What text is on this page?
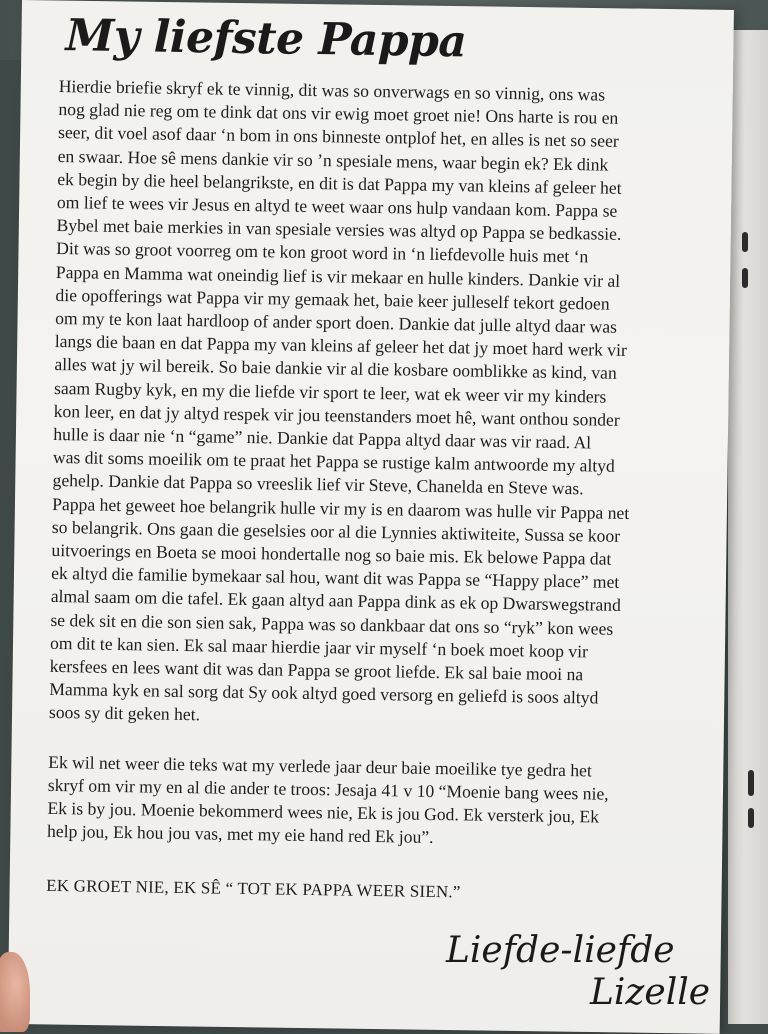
My liefste Pappa
Hierdie briefie skryf ek te vinnig, dit was so onverwags en so vinnig, ons was
nog glad nie reg om te dink dat ons vir ewig moet groet nie! Ons harte is rou en
seer, dit voel asof daar ‘n bom in ons binneste ontplof het, en alles is net so seer
en swaar. Hoe sê mens dankie vir so ’n spesiale mens, waar begin ek? Ek dink
ek begin by die heel belangrikste, en dit is dat Pappa my van kleins af geleer het
om lief te wees vir Jesus en altyd te weet waar ons hulp vandaan kom. Pappa se
Bybel met baie merkies in van spesiale versies was altyd op Pappa se bedkassie.
Dit was so groot voorreg om te kon groot word in ‘n liefdevolle huis met ‘n
Pappa en Mamma wat oneindig lief is vir mekaar en hulle kinders. Dankie vir al
die opofferings wat Pappa vir my gemaak het, baie keer julleself tekort gedoen
om my te kon laat hardloop of ander sport doen. Dankie dat julle altyd daar was
langs die baan en dat Pappa my van kleins af geleer het dat jy moet hard werk vir
alles wat jy wil bereik. So baie dankie vir al die kosbare oomblikke as kind, van
saam Rugby kyk, en my die liefde vir sport te leer, wat ek weer vir my kinders
kon leer, en dat jy altyd respek vir jou teenstanders moet hê, want onthou sonder
hulle is daar nie ‘n “game” nie. Dankie dat Pappa altyd daar was vir raad. Al
was dit soms moeilik om te praat het Pappa se rustige kalm antwoorde my altyd
gehelp. Dankie dat Pappa so vreeslik lief vir Steve, Chanelda en Steve was.
Pappa het geweet hoe belangrik hulle vir my is en daarom was hulle vir Pappa net
so belangrik. Ons gaan die geselsies oor al die Lynnies aktiwiteite, Sussa se koor
uitvoerings en Boeta se mooi hondertalle nog so baie mis. Ek belowe Pappa dat
ek altyd die familie bymekaar sal hou, want dit was Pappa se “Happy place” met
almal saam om die tafel. Ek gaan altyd aan Pappa dink as ek op Dwarswegstrand
se dek sit en die son sien sak, Pappa was so dankbaar dat ons so “ryk” kon wees
om dit te kan sien. Ek sal maar hierdie jaar vir myself ‘n boek moet koop vir
kersfees en lees want dit was dan Pappa se groot liefde. Ek sal baie mooi na
Mamma kyk en sal sorg dat Sy ook altyd goed versorg en geliefd is soos altyd
soos sy dit geken het.
Ek wil net weer die teks wat my verlede jaar deur baie moeilike tye gedra het
skryf om vir my en al die ander te troos: Jesaja 41 v 10 “Moenie bang wees nie,
Ek is by jou. Moenie bekommerd wees nie, Ek is jou God. Ek versterk jou, Ek
help jou, Ek hou jou vas, met my eie hand red Ek jou”.
EK GROET NIE, EK SÊ “ TOT EK PAPPA WEER SIEN.”
Liefde-liefde
Lizelle
